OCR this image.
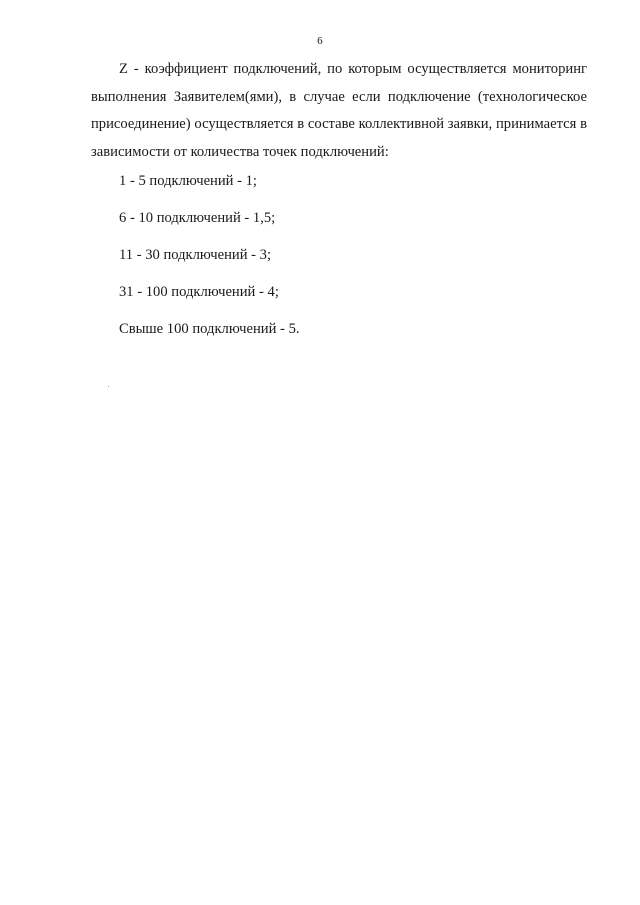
6

Z - коэффициент подключений, по которым осуществляется мониторинг выполнения Заявителем(ями), в случае если подключение (технологическое присоединение) осуществляется в составе коллективной заявки, принимается в зависимости от количества точек подключений:

1 - 5 подключений - 1;
6 - 10 подключений - 1,5;
11 - 30 подключений - 3;
31 - 100 подключений - 4;
Свыше 100 подключений - 5.
